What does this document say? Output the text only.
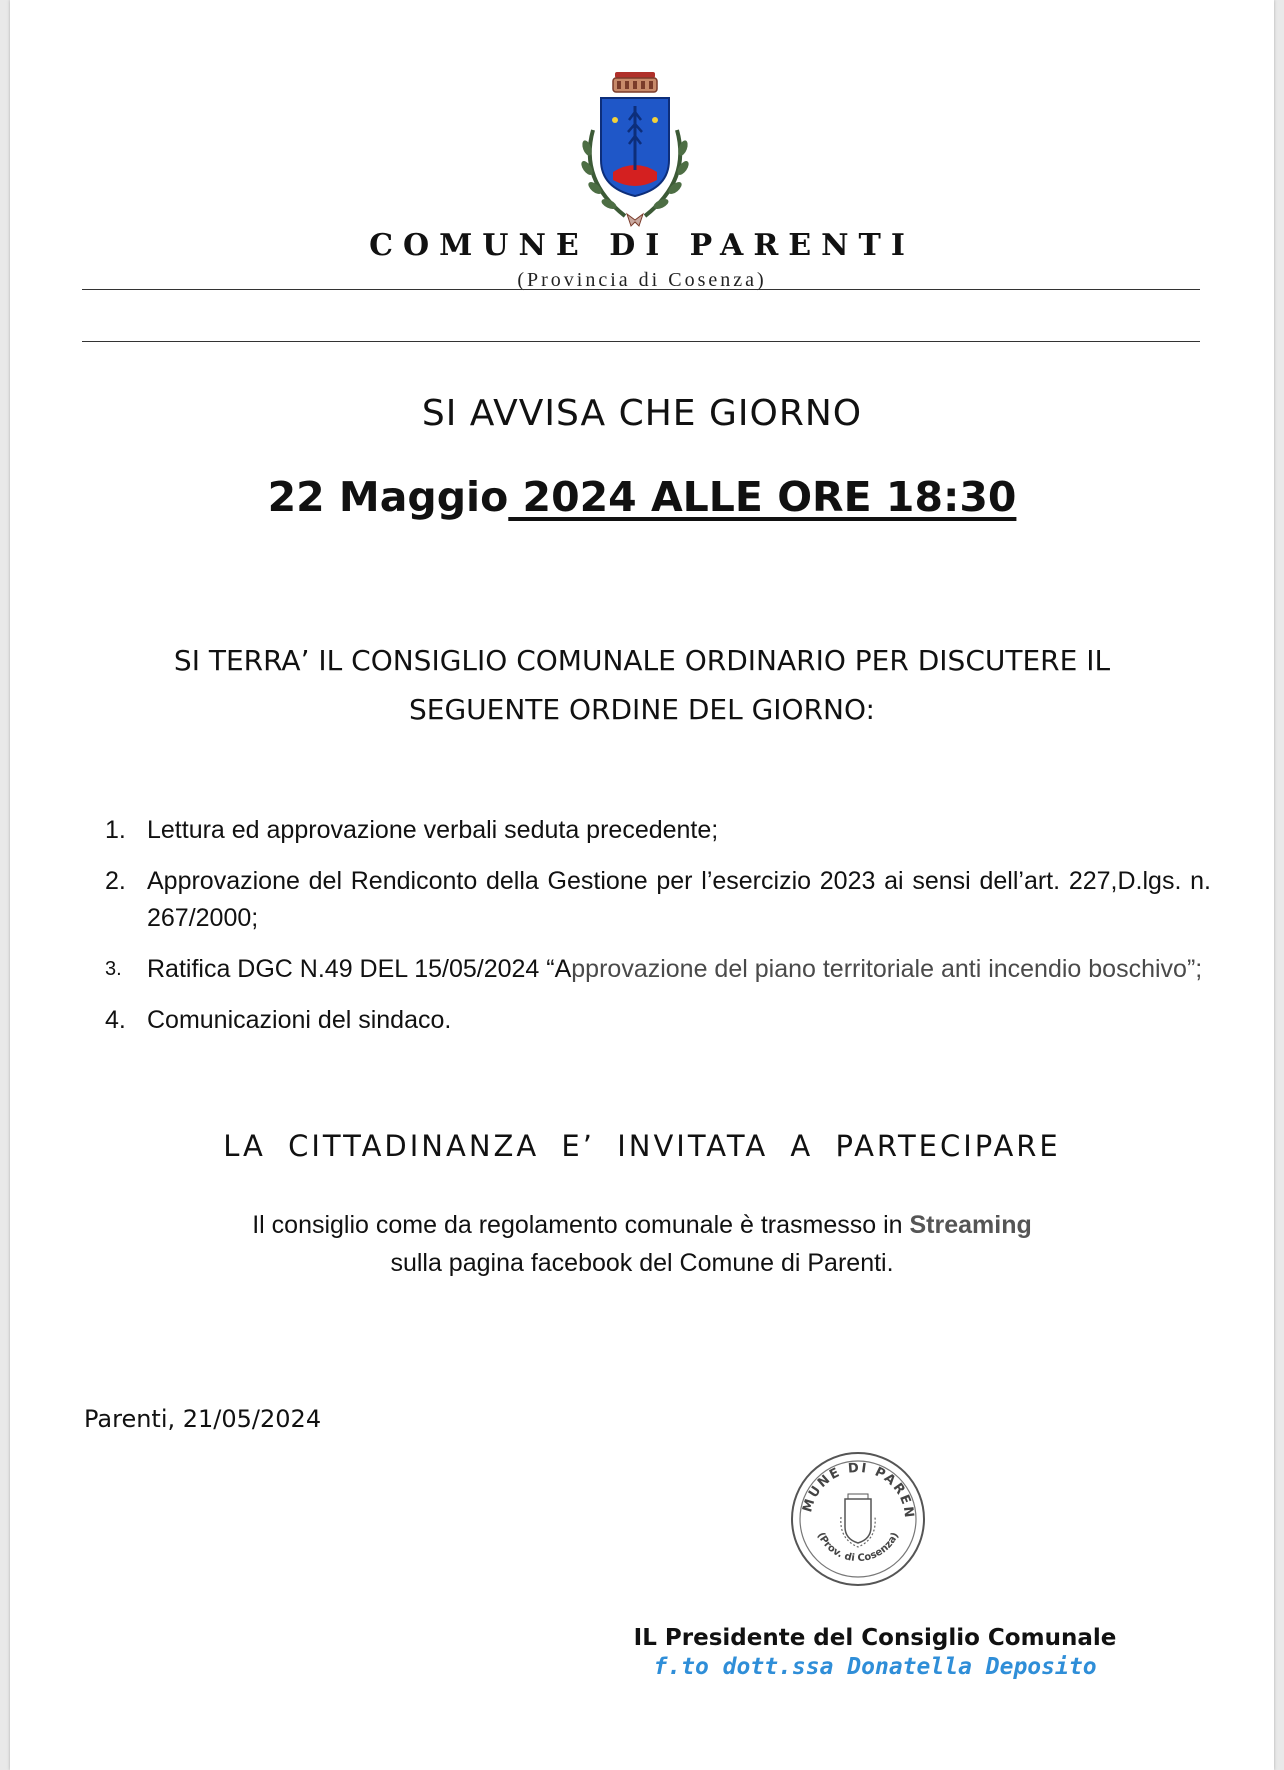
COMUNE DI PARENTI
(Provincia di Cosenza)
SI AVVISA CHE GIORNO
22 Maggio 2024 ALLE ORE 18:30
SI TERRA’ IL CONSIGLIO COMUNALE ORDINARIO PER DISCUTERE IL
SEGUENTE ORDINE DEL GIORNO:
1. Lettura ed approvazione verbali seduta precedente;
2. Approvazione del Rendiconto della Gestione per l’esercizio 2023 ai sensi dell’art. 227,D.lgs. n. 267/2000;
3. Ratifica DGC N.49 DEL 15/05/2024 “Approvazione del piano territoriale anti incendio boschivo”;
4. Comunicazioni del sindaco.
LA CITTADINANZA E’ INVITATA A PARTECIPARE
Il consiglio come da regolamento comunale è trasmesso in Streaming
sulla pagina facebook del Comune di Parenti.
Parenti, 21/05/2024
MUNE DI PAREN
(Prov. di Cosenza)
IL Presidente del Consiglio Comunale
f.to dott.ssa Donatella Deposito
